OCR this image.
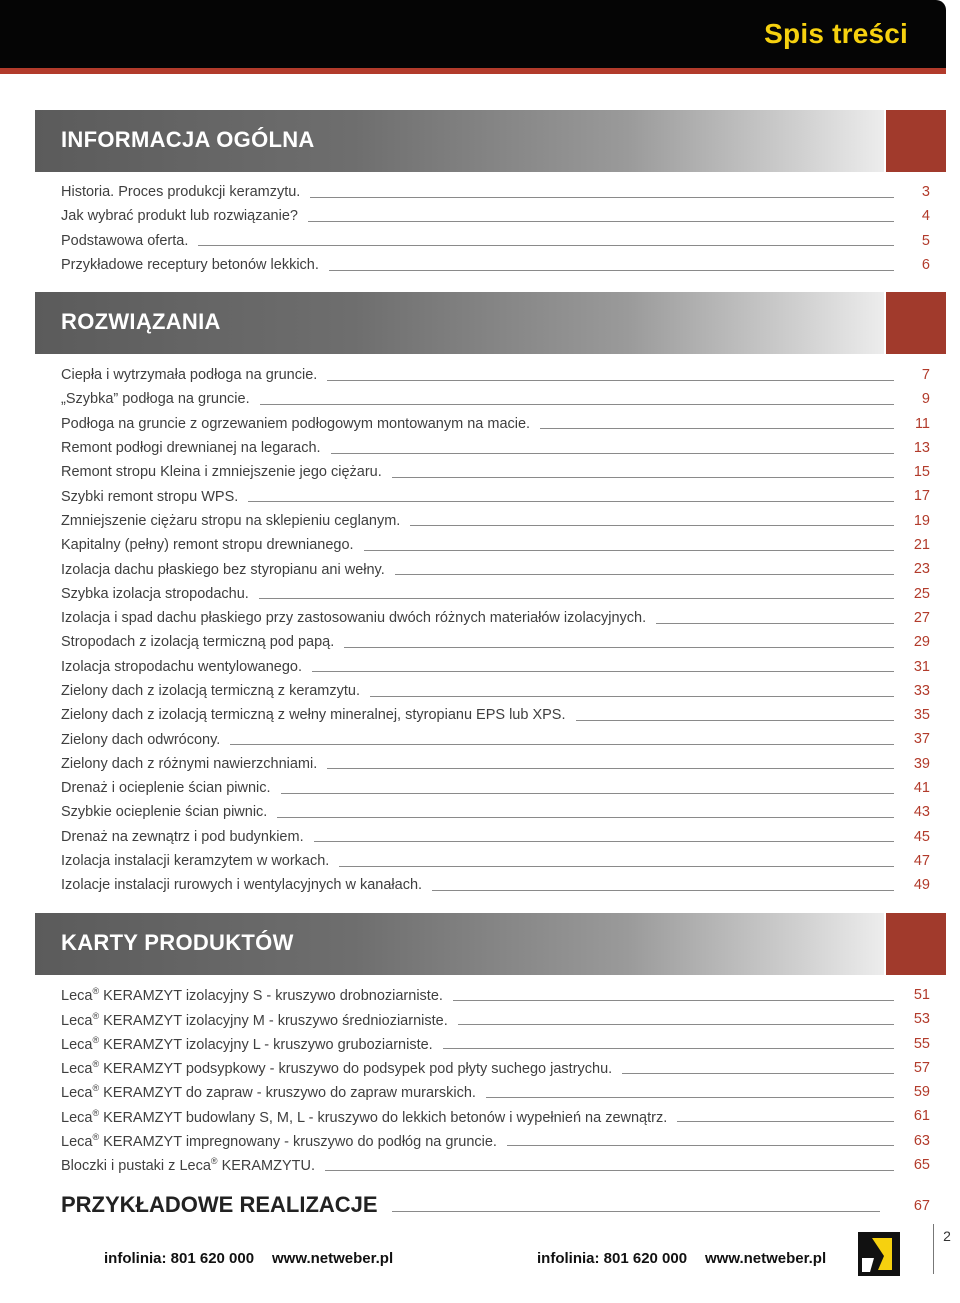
Spis treści
INFORMACJA OGÓLNA
Historia. Proces produkcji keramzytu.	3
Jak wybrać produkt lub rozwiązanie?	4
Podstawowa oferta.	5
Przykładowe receptury betonów lekkich.	6
ROZWIĄZANIA
Ciepła i wytrzymała podłoga na gruncie.	7
„Szybka” podłoga na gruncie.	9
Podłoga na gruncie z ogrzewaniem podłogowym montowanym na macie.	11
Remont podłogi drewnianej na legarach.	13
Remont stropu Kleina i zmniejszenie jego ciężaru.	15
Szybki remont stropu WPS.	17
Zmniejszenie ciężaru stropu na sklepieniu ceglanym.	19
Kapitalny (pełny) remont stropu drewnianego.	21
Izolacja dachu płaskiego bez styropianu ani wełny.	23
Szybka izolacja stropodachu.	25
Izolacja i spad dachu płaskiego przy zastosowaniu dwóch różnych materiałów izolacyjnych.	27
Stropodach z izolacją termiczną pod papą.	29
Izolacja stropodachu wentylowanego.	31
Zielony dach z izolacją termiczną z keramzytu.	33
Zielony dach z izolacją termiczną z wełny mineralnej, styropianu EPS lub XPS.	35
Zielony dach odwrócony.	37
Zielony dach z różnymi nawierzchniami.	39
Drenaż i ocieplenie ścian piwnic.	41
Szybkie ocieplenie ścian piwnic.	43
Drenaż na zewnątrz i pod budynkiem.	45
Izolacja instalacji keramzytem w workach.	47
Izolacje instalacji rurowych i wentylacyjnych w kanałach.	49
KARTY PRODUKTÓW
Leca® KERAMZYT izolacyjny S - kruszywo drobnoziarniste.	51
Leca® KERAMZYT izolacyjny M - kruszywo średnioziarniste.	53
Leca® KERAMZYT izolacyjny L - kruszywo gruboziarniste.	55
Leca® KERAMZYT podsypkowy - kruszywo do podsypek pod płyty suchego jastrychu.	57
Leca® KERAMZYT do zapraw - kruszywo do zapraw murarskich.	59
Leca® KERAMZYT budowlany S, M, L - kruszywo do lekkich betonów i wypełnień na zewnątrz.	61
Leca® KERAMZYT impregnowany - kruszywo do podłóg na gruncie.	63
Bloczki i pustaki z Leca® KERAMZYTU.	65
PRZYKŁADOWE REALIZACJE	67
infolinia: 801 620 000 www.netweber.pl	infolinia: 801 620 000 www.netweber.pl
2
